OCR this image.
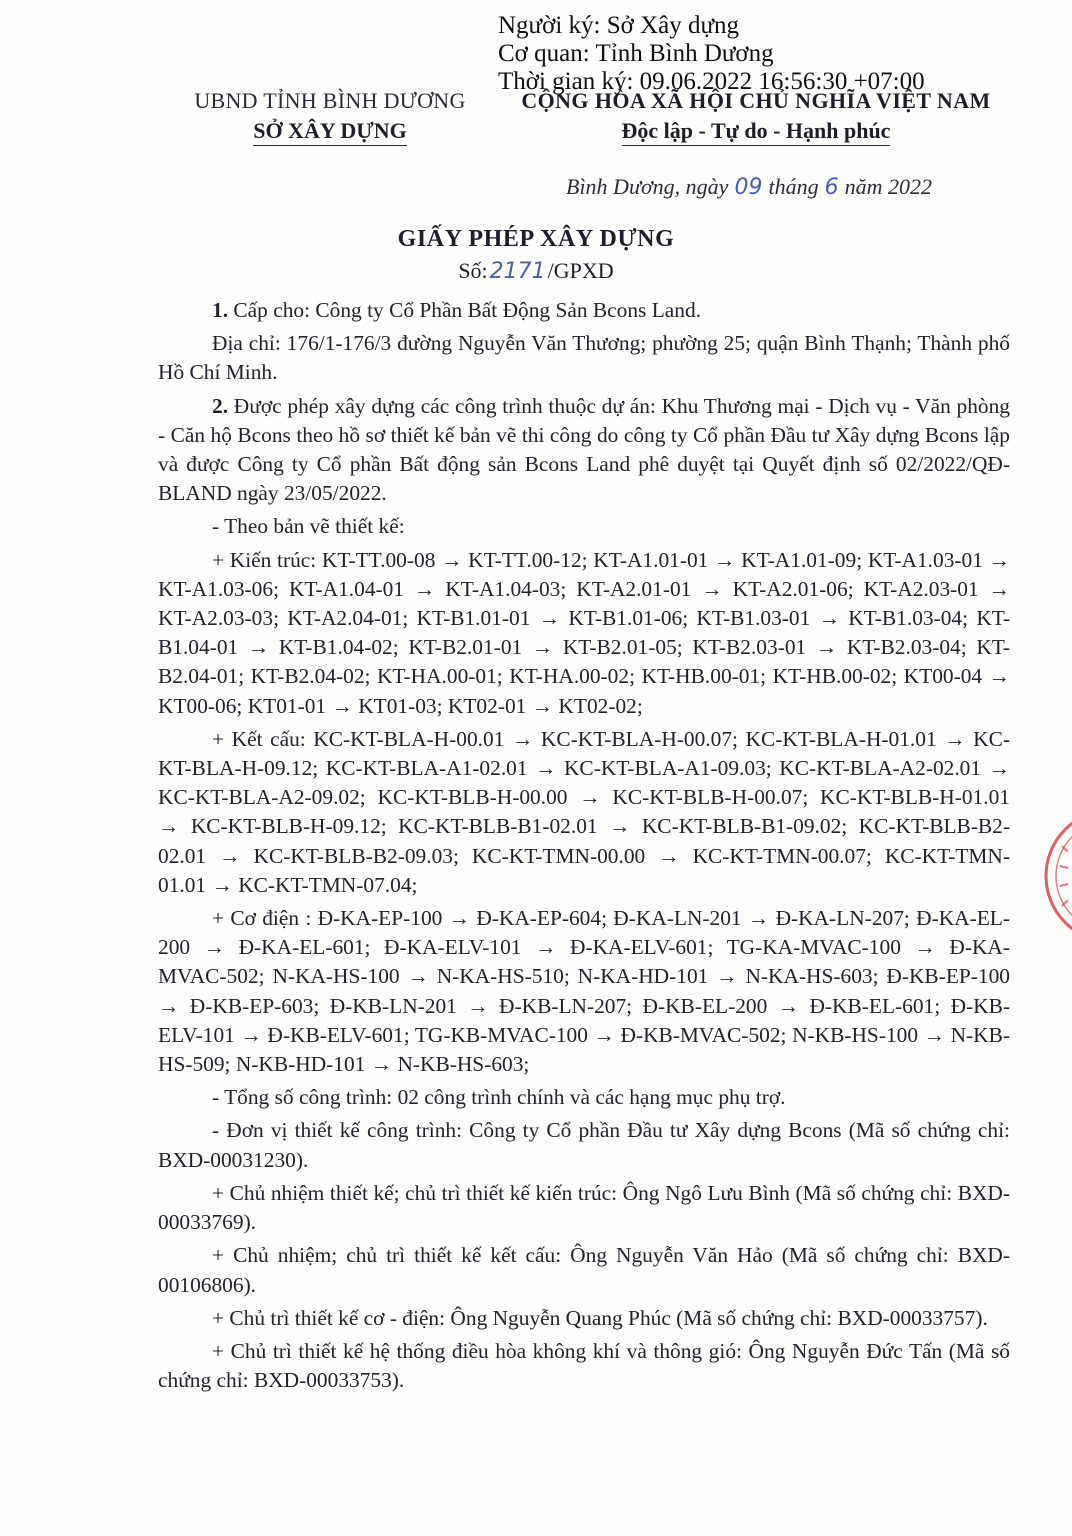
Người ký: Sở Xây dựng
Cơ quan: Tỉnh Bình Dương
Thời gian ký: 09.06.2022 16:56:30 +07:00
UBND TỈNH BÌNH DƯƠNG
SỞ XÂY DỰNG
CỘNG HÒA XÃ HỘI CHỦ NGHĨA VIỆT NAM
Độc lập - Tự do - Hạnh phúc
Bình Dương, ngày 09 tháng 6 năm 2022
GIẤY PHÉP XÂY DỰNG
Số:2171/GPXD

1. Cấp cho: Công ty Cổ Phần Bất Động Sản Bcons Land.

Địa chỉ: 176/1-176/3 đường Nguyễn Văn Thương; phường 25; quận Bình Thạnh; Thành phố Hồ Chí Minh.

2. Được phép xây dựng các công trình thuộc dự án: Khu Thương mại - Dịch vụ - Văn phòng - Căn hộ Bcons theo hồ sơ thiết kế bản vẽ thi công do công ty Cổ phần Đầu tư Xây dựng Bcons lập và được Công ty Cổ phần Bất động sản Bcons Land phê duyệt tại Quyết định số 02/2022/QĐ-BLAND ngày 23/05/2022.

- Theo bản vẽ thiết kế:

+ Kiến trúc: KT-TT.00-08 → KT-TT.00-12; KT-A1.01-01 → KT-A1.01-09; KT-A1.03-01 → KT-A1.03-06; KT-A1.04-01 → KT-A1.04-03; KT-A2.01-01 → KT-A2.01-06; KT-A2.03-01 → KT-A2.03-03; KT-A2.04-01; KT-B1.01-01 → KT-B1.01-06; KT-B1.03-01 → KT-B1.03-04; KT-B1.04-01 → KT-B1.04-02; KT-B2.01-01 → KT-B2.01-05; KT-B2.03-01 → KT-B2.03-04; KT-B2.04-01; KT-B2.04-02; KT-HA.00-01; KT-HA.00-02; KT-HB.00-01; KT-HB.00-02; KT00-04 → KT00-06; KT01-01 → KT01-03; KT02-01 → KT02-02;

+ Kết cấu: KC-KT-BLA-H-00.01 → KC-KT-BLA-H-00.07; KC-KT-BLA-H-01.01 → KC-KT-BLA-H-09.12; KC-KT-BLA-A1-02.01 → KC-KT-BLA-A1-09.03; KC-KT-BLA-A2-02.01 → KC-KT-BLA-A2-09.02; KC-KT-BLB-H-00.00 → KC-KT-BLB-H-00.07; KC-KT-BLB-H-01.01 → KC-KT-BLB-H-09.12; KC-KT-BLB-B1-02.01 → KC-KT-BLB-B1-09.02; KC-KT-BLB-B2-02.01 → KC-KT-BLB-B2-09.03; KC-KT-TMN-00.00 → KC-KT-TMN-00.07; KC-KT-TMN-01.01 → KC-KT-TMN-07.04;

+ Cơ điện : Đ-KA-EP-100 → Đ-KA-EP-604; Đ-KA-LN-201 → Đ-KA-LN-207; Đ-KA-EL-200 → Đ-KA-EL-601; Đ-KA-ELV-101 → Đ-KA-ELV-601; TG-KA-MVAC-100 → Đ-KA- MVAC-502; N-KA-HS-100 → N-KA-HS-510; N-KA-HD-101 → N-KA-HS-603; Đ-KB-EP-100 → Đ-KB-EP-603; Đ-KB-LN-201 → Đ-KB-LN-207; Đ-KB-EL-200 → Đ-KB-EL-601; Đ-KB-ELV-101 → Đ-KB-ELV-601; TG-KB-MVAC-100 → Đ-KB-MVAC-502; N-KB-HS-100 → N-KB-HS-509; N-KB-HD-101 → N-KB-HS-603;

- Tổng số công trình: 02 công trình chính và các hạng mục phụ trợ.

- Đơn vị thiết kế công trình: Công ty Cổ phần Đầu tư Xây dựng Bcons (Mã số chứng chỉ: BXD-00031230).

+ Chủ nhiệm thiết kế; chủ trì thiết kế kiến trúc: Ông Ngô Lưu Bình (Mã số chứng chỉ: BXD-00033769).

+ Chủ nhiệm; chủ trì thiết kế kết cấu: Ông Nguyễn Văn Hảo (Mã số chứng chỉ: BXD-00106806).

+ Chủ trì thiết kế cơ - điện: Ông Nguyễn Quang Phúc (Mã số chứng chỉ: BXD-00033757).

+ Chủ trì thiết kế hệ thống điều hòa không khí và thông gió: Ông Nguyễn Đức Tấn (Mã số chứng chỉ: BXD-00033753).
